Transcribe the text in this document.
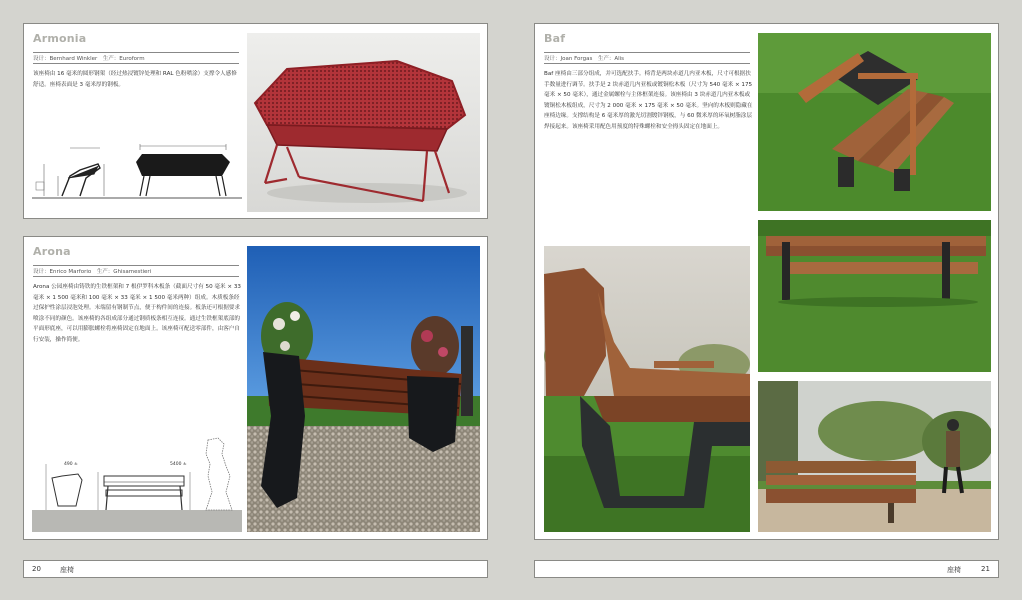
Armonia
设计：Bernhard Winkler　生产：Euroform

该座椅由 16 毫米的圆形钢架（经过热浸镀锌处理和 RAL 色粉喷涂）支撑令人感修舒适。座椅表面是 3 毫米厚的钢板。

Arona
设计：Enrico Marforio　生产：Ghisamestieri

Arona 公园座椅由铸铁的生铁框架和 7 根伊罗科木板条（截面尺寸有 50 毫米 × 33 毫米 × 1 500 毫米和 100 毫米 × 33 毫米 × 1 500 毫米两种）组成。木质板条经过保护性涂层浸泡处理。末端留有钢制节点，便于构件间的连接。板条还可根据要求喷涂不同的颜色。该座椅的各组成部分通过钢质板条相互连接。通过生铁框架底部的平面形底座，可以用膨胀螺栓将座椅固定在地面上。该座椅可配送零部件，由客户自行安装，操作简便。

490 ±	5400 ±
20	座椅
Baf
设计：Joan Forgas　生产：Alis

Baf 座椅由三部分组成，并可选配扶手。椅背是两块赤道几内亚木板，尺寸可根据扶手数量进行调节。扶手是 2 块赤道几内亚板或镀铜松木板（尺寸为 540 毫米 × 175 毫米 × 50 毫米），通过金属螺栓与主体框架连接。该座椅由 3 块赤道几内亚木板或镀铜松木板组成，尺寸为 2 000 毫米 × 175 毫米 × 50 毫米。坚向的木板则隐藏在座椅边缘。支撑结构是 6 毫米厚的激光切割镀锌钢板，与 60 微米厚的环氧树脂涂层焊接起来。该座椅采用配色用预度的特殊螺栓和安全拇头固定在地面上。

座椅	21
